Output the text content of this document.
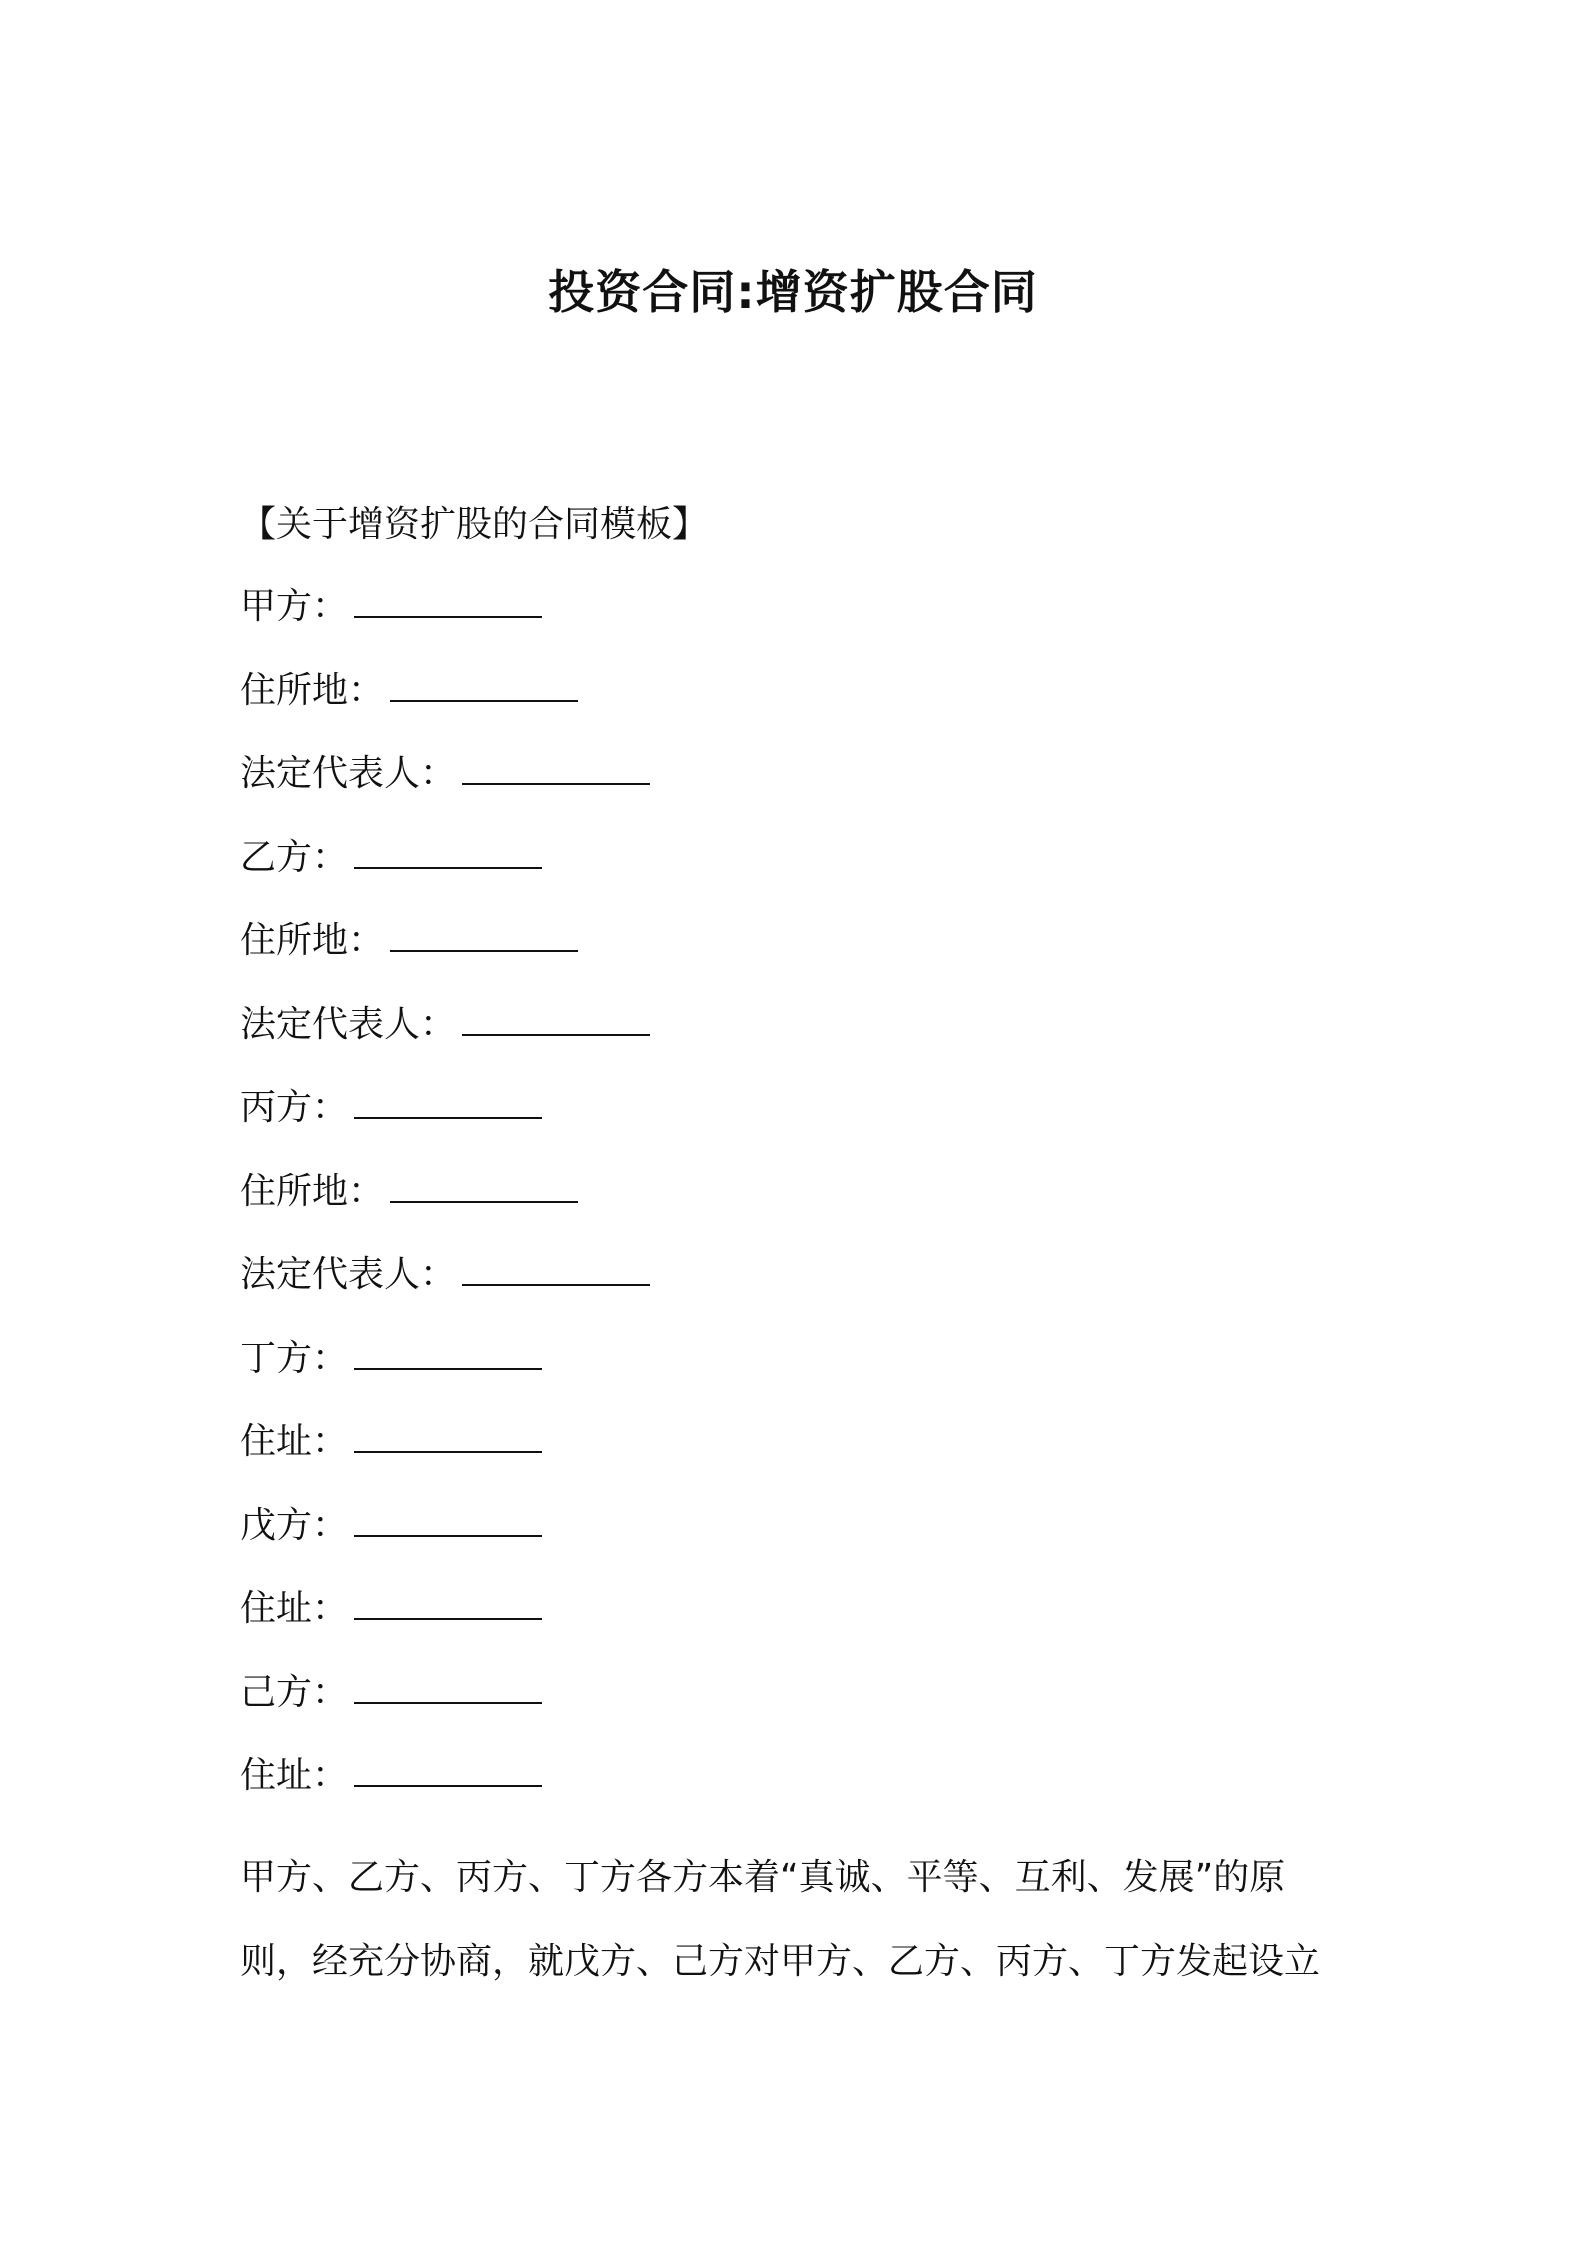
投资合同:增资扩股合同
【关于增资扩股的合同模板】
甲方：
住所地：
法定代表人：
乙方：
住所地：
法定代表人：
丙方：
住所地：
法定代表人：
丁方：
住址：
戊方：
住址：
己方：
住址：
甲方、乙方、丙方、丁方各方本着“真诚、平等、互利、发展”的原
则，经充分协商，就戊方、己方对甲方、乙方、丙方、丁方发起设立
